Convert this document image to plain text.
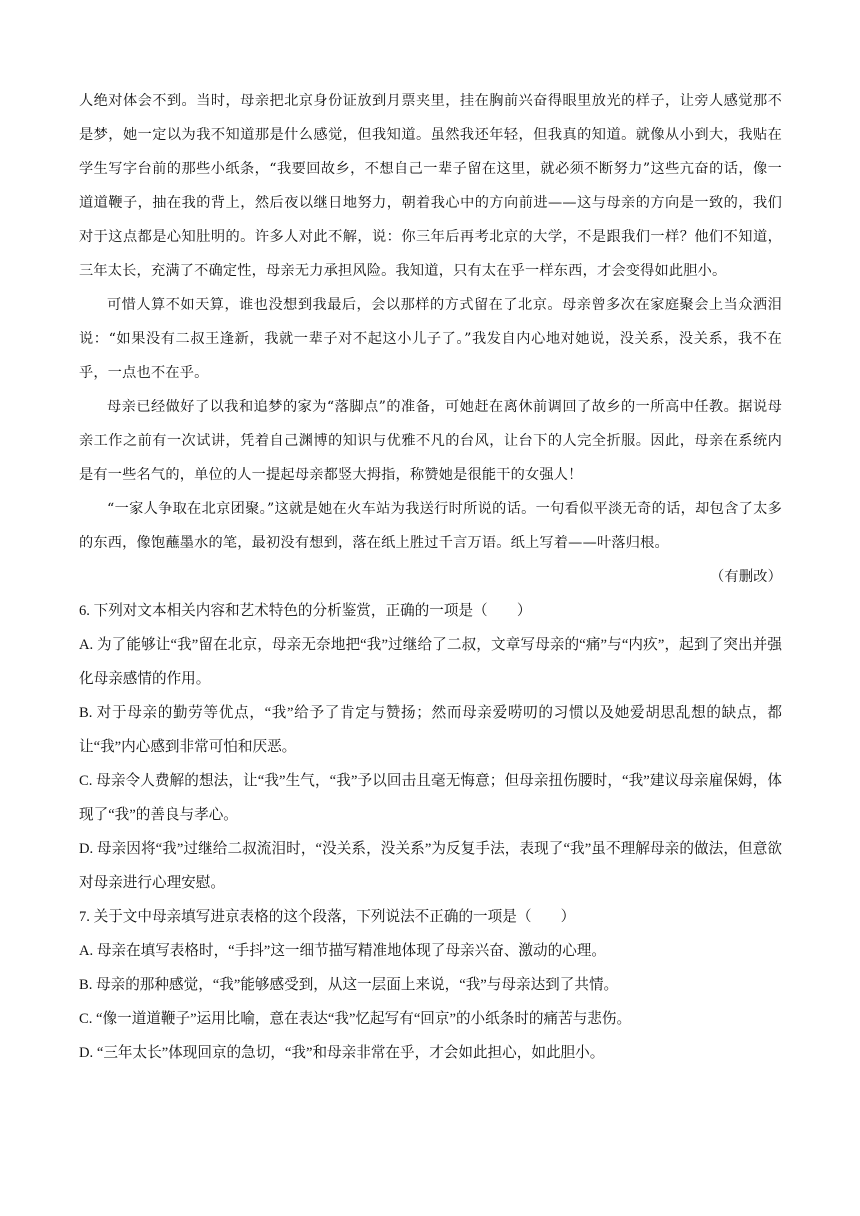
人绝对体会不到。当时，母亲把北京身份证放到月票夹里，挂在胸前兴奋得眼里放光的样子，让旁人感觉那不是梦，她一定以为我不知道那是什么感觉，但我知道。虽然我还年轻，但我真的知道。就像从小到大，我贴在学生写字台前的那些小纸条，“我要回故乡，不想自己一辈子留在这里，就必须不断努力”这些亢奋的话，像一道道鞭子，抽在我的背上，然后夜以继日地努力，朝着我心中的方向前进——这与母亲的方向是一致的，我们对于这点都是心知肚明的。许多人对此不解，说：你三年后再考北京的大学，不是跟我们一样？他们不知道，三年太长，充满了不确定性，母亲无力承担风险。我知道，只有太在乎一样东西，才会变得如此胆小。

可惜人算不如天算，谁也没想到我最后，会以那样的方式留在了北京。母亲曾多次在家庭聚会上当众洒泪说：“如果没有二叔王逢新，我就一辈子对不起这小儿子了。”我发自内心地对她说，没关系，没关系，我不在乎，一点也不在乎。

母亲已经做好了以我和追梦的家为“落脚点”的准备，可她赶在离休前调回了故乡的一所高中任教。据说母亲工作之前有一次试讲，凭着自己渊博的知识与优雅不凡的台风，让台下的人完全折服。因此，母亲在系统内是有一些名气的，单位的人一提起母亲都竖大拇指，称赞她是很能干的女强人！

“一家人争取在北京团聚。”这就是她在火车站为我送行时所说的话。一句看似平淡无奇的话，却包含了太多的东西，像饱蘸墨水的笔，最初没有想到，落在纸上胜过千言万语。纸上写着——叶落归根。

（有删改）

6. 下列对文本相关内容和艺术特色的分析鉴赏，正确的一项是（　　）

A. 为了能够让“我”留在北京，母亲无奈地把“我”过继给了二叔，文章写母亲的“痛”与“内疚”，起到了突出并强化母亲感情的作用。

B. 对于母亲的勤劳等优点，“我”给予了肯定与赞扬；然而母亲爱唠叨的习惯以及她爱胡思乱想的缺点，都让“我”内心感到非常可怕和厌恶。

C. 母亲令人费解的想法，让“我”生气，“我”予以回击且毫无悔意；但母亲扭伤腰时，“我”建议母亲雇保姆，体现了“我”的善良与孝心。

D. 母亲因将“我”过继给二叔流泪时，“没关系，没关系”为反复手法，表现了“我”虽不理解母亲的做法，但意欲对母亲进行心理安慰。

7. 关于文中母亲填写进京表格的这个段落，下列说法不正确的一项是（　　）

A. 母亲在填写表格时，“手抖”这一细节描写精准地体现了母亲兴奋、激动的心理。

B. 母亲的那种感觉，“我”能够感受到，从这一层面上来说，“我”与母亲达到了共情。

C. “像一道道鞭子”运用比喻，意在表达“我”忆起写有“回京”的小纸条时的痛苦与悲伤。

D. “三年太长”体现回京的急切，“我”和母亲非常在乎，才会如此担心，如此胆小。
